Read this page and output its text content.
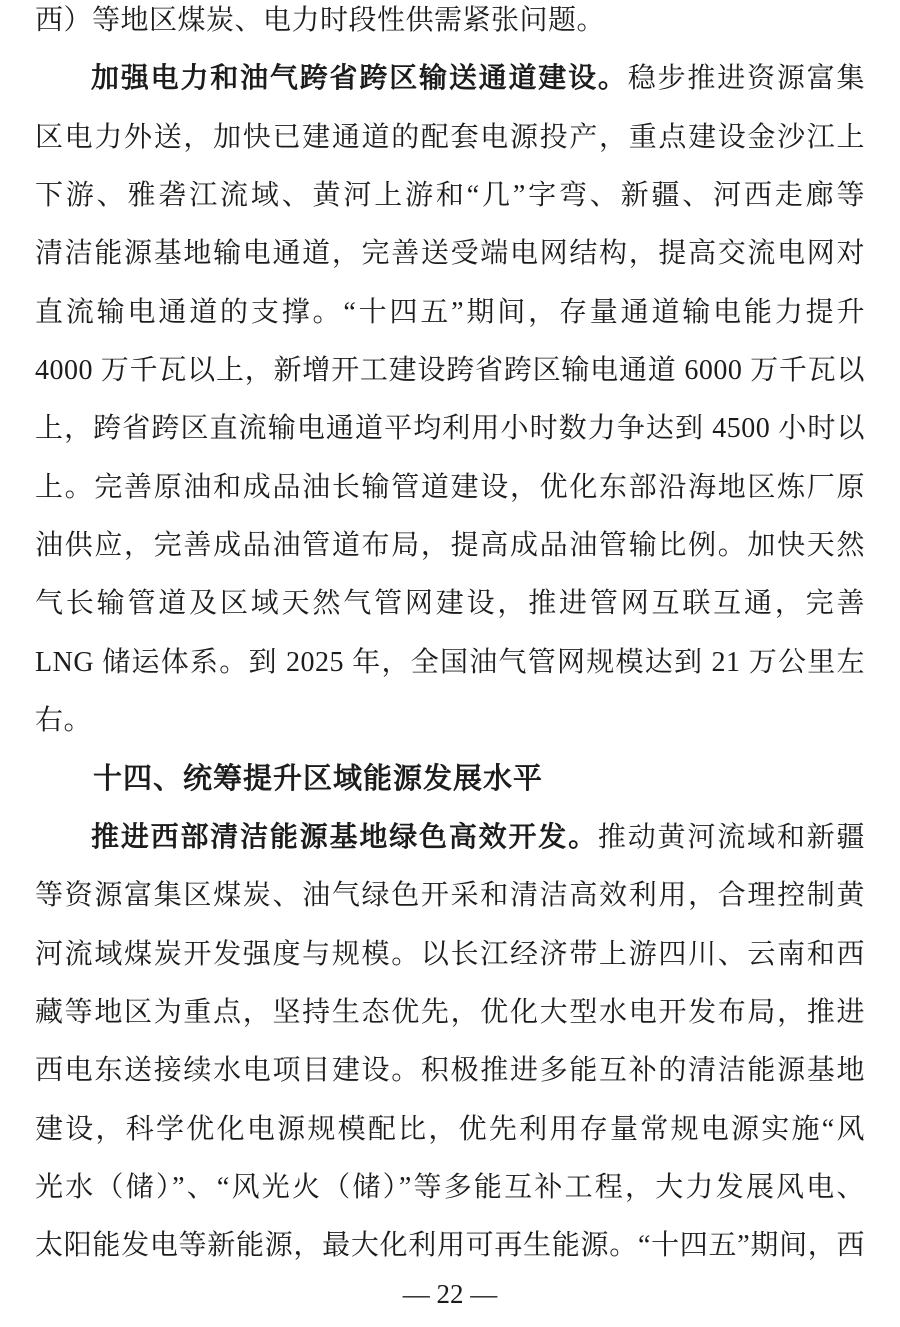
西）等地区煤炭、电力时段性供需紧张问题。
加强电力和油气跨省跨区输送通道建设。稳步推进资源富集
区电力外送，加快已建通道的配套电源投产，重点建设金沙江上
下游、雅砻江流域、黄河上游和“几”字弯、新疆、河西走廊等
清洁能源基地输电通道，完善送受端电网结构，提高交流电网对
直流输电通道的支撑。“十四五”期间，存量通道输电能力提升
4000 万千瓦以上，新增开工建设跨省跨区输电通道 6000 万千瓦以
上，跨省跨区直流输电通道平均利用小时数力争达到 4500 小时以
上。完善原油和成品油长输管道建设，优化东部沿海地区炼厂原
油供应，完善成品油管道布局，提高成品油管输比例。加快天然
气长输管道及区域天然气管网建设，推进管网互联互通，完善
LNG 储运体系。到 2025 年，全国油气管网规模达到 21 万公里左
右。
十四、统筹提升区域能源发展水平
推进西部清洁能源基地绿色高效开发。推动黄河流域和新疆
等资源富集区煤炭、油气绿色开采和清洁高效利用，合理控制黄
河流域煤炭开发强度与规模。以长江经济带上游四川、云南和西
藏等地区为重点，坚持生态优先，优化大型水电开发布局，推进
西电东送接续水电项目建设。积极推进多能互补的清洁能源基地
建设，科学优化电源规模配比，优先利用存量常规电源实施“风
光水（储）”、“风光火（储）”等多能互补工程，大力发展风电、
太阳能发电等新能源，最大化利用可再生能源。“十四五”期间，西
— 22 —
